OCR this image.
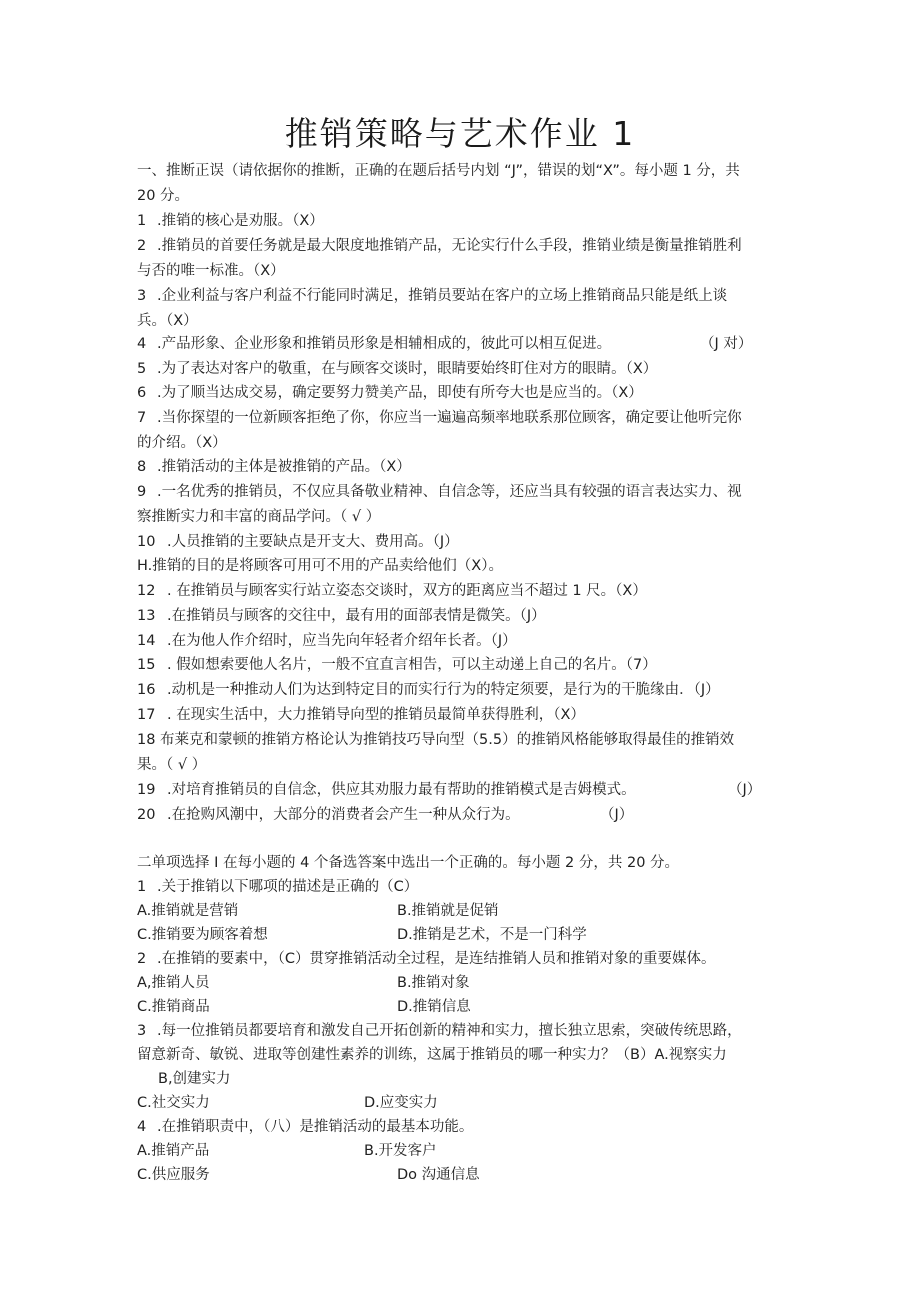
推销策略与艺术作业 1
一、推断正误（请依据你的推断，正确的在题后括号内划 “J”，错误的划“X”。每小题 1 分，共
20 分。
1 .推销的核心是劝服。（X）
2 .推销员的首要任务就是最大限度地推销产品，无论实行什么手段，推销业绩是衡量推销胜利
与否的唯一标准。（X）
3 .企业利益与客户利益不行能同时满足，推销员要站在客户的立场上推销商品只能是纸上谈
兵。（X）
4 .产品形象、企业形象和推销员形象是相辅相成的，彼此可以相互促进。	（J 对）
5 .为了表达对客户的敬重，在与顾客交谈时，眼睛要始终盯住对方的眼睛。（X）
6 .为了顺当达成交易，确定要努力赞美产品，即使有所夸大也是应当的。（X）
7 .当你探望的一位新顾客拒绝了你，你应当一遍遍高频率地联系那位顾客，确定要让他听完你
的介绍。（X）
8 .推销活动的主体是被推销的产品。（X）
9 .一名优秀的推销员，不仅应具备敬业精神、自信念等，还应当具有较强的语言表达实力、视
察推断实力和丰富的商品学问。（ √ ）
10 .人员推销的主要缺点是开支大、费用高。（J）
H.推销的目的是将顾客可用可不用的产品卖给他们（X）。
12 . 在推销员与顾客实行站立姿态交谈时，双方的距离应当不超过 1 尺。（X）
13 .在推销员与顾客的交往中，最有用的面部表情是微笑。（J）
14 .在为他人作介绍时，应当先向年轻者介绍年长者。（J）
15 . 假如想索要他人名片，一般不宜直言相告，可以主动递上自己的名片。（7）
16 .动机是一种推动人们为达到特定目的而实行行为的特定须要，是行为的干脆缘由．（J）
17 . 在现实生活中，大力推销导向型的推销员最简单获得胜利，（X）
18 布莱克和蒙顿的推销方格论认为推销技巧导向型（5.5）的推销风格能够取得最佳的推销效
果。（ √ ）
19 .对培育推销员的自信念，供应其劝服力最有帮助的推销模式是吉姆模式。	（J）
20 .在抢购风潮中，大部分的消费者会产生一种从众行为。	（J）
二单项选择 I 在每小题的 4 个备选答案中选出一个正确的。每小题 2 分，共 20 分。
1 .关于推销以下哪项的描述是正确的（C）
A.推销就是营销	B.推销就是促销
C.推销要为顾客着想	D.推销是艺术，不是一门科学
2 .在推销的要素中，（C）贯穿推销活动全过程，是连结推销人员和推销对象的重要媒体。
A,推销人员	B.推销对象
C.推销商品	D.推销信息
3 .每一位推销员都要培育和激发自己开拓创新的精神和实力，擅长独立思索，突破传统思路，
留意新奇、敏锐、进取等创建性素养的训练，这属于推销员的哪一种实力？（B）A.视察实力
B,创建实力
C.社交实力	D.应变实力
4 .在推销职责中，（八）是推销活动的最基本功能。
A.推销产品	B.开发客户
C.供应服务	Do 沟通信息
